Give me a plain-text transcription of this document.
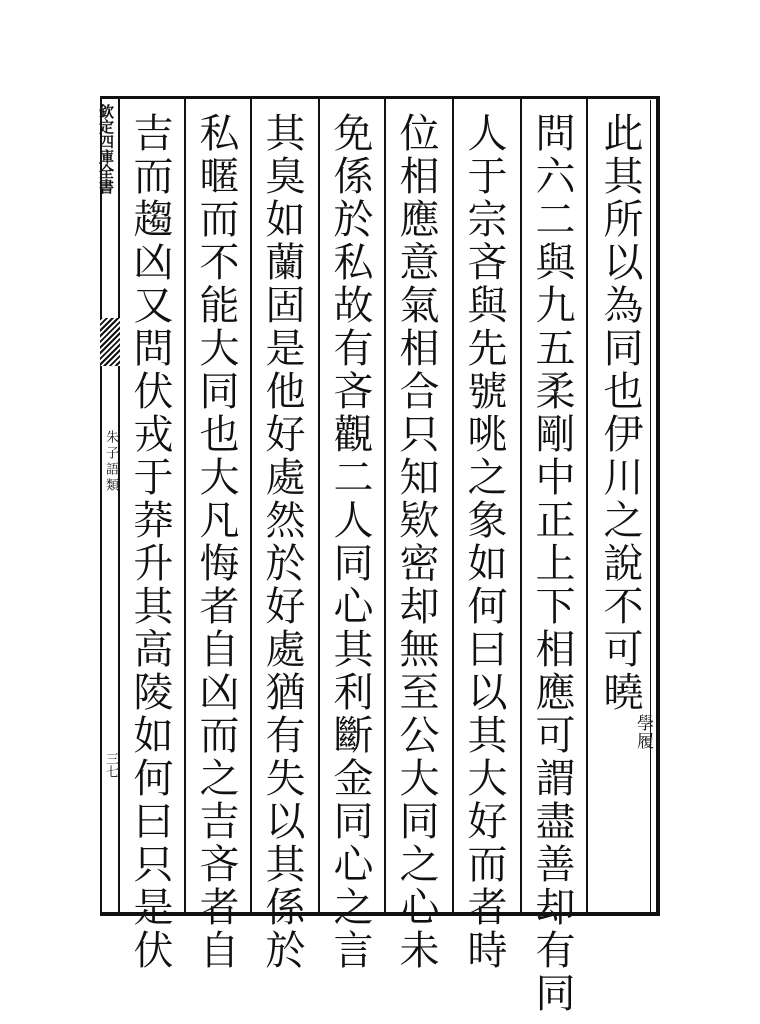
欽定四庫全書
朱子語類
三七
此其所以為同也伊川之說不可曉學履
問六二與九五柔剛中正上下相應可謂盡善却有同
人于宗吝與先號咷之象如何曰以其大好而者時
位相應意氣相合只知欵密却無至公大同之心未
免係於私故有吝觀二人同心其利斷金同心之言
其臭如蘭固是他好處然於好處猶有失以其係於
私暱而不能大同也大凡悔者自凶而之吉吝者自
吉而趨凶又問伏戎于莽升其高陵如何曰只是伏
